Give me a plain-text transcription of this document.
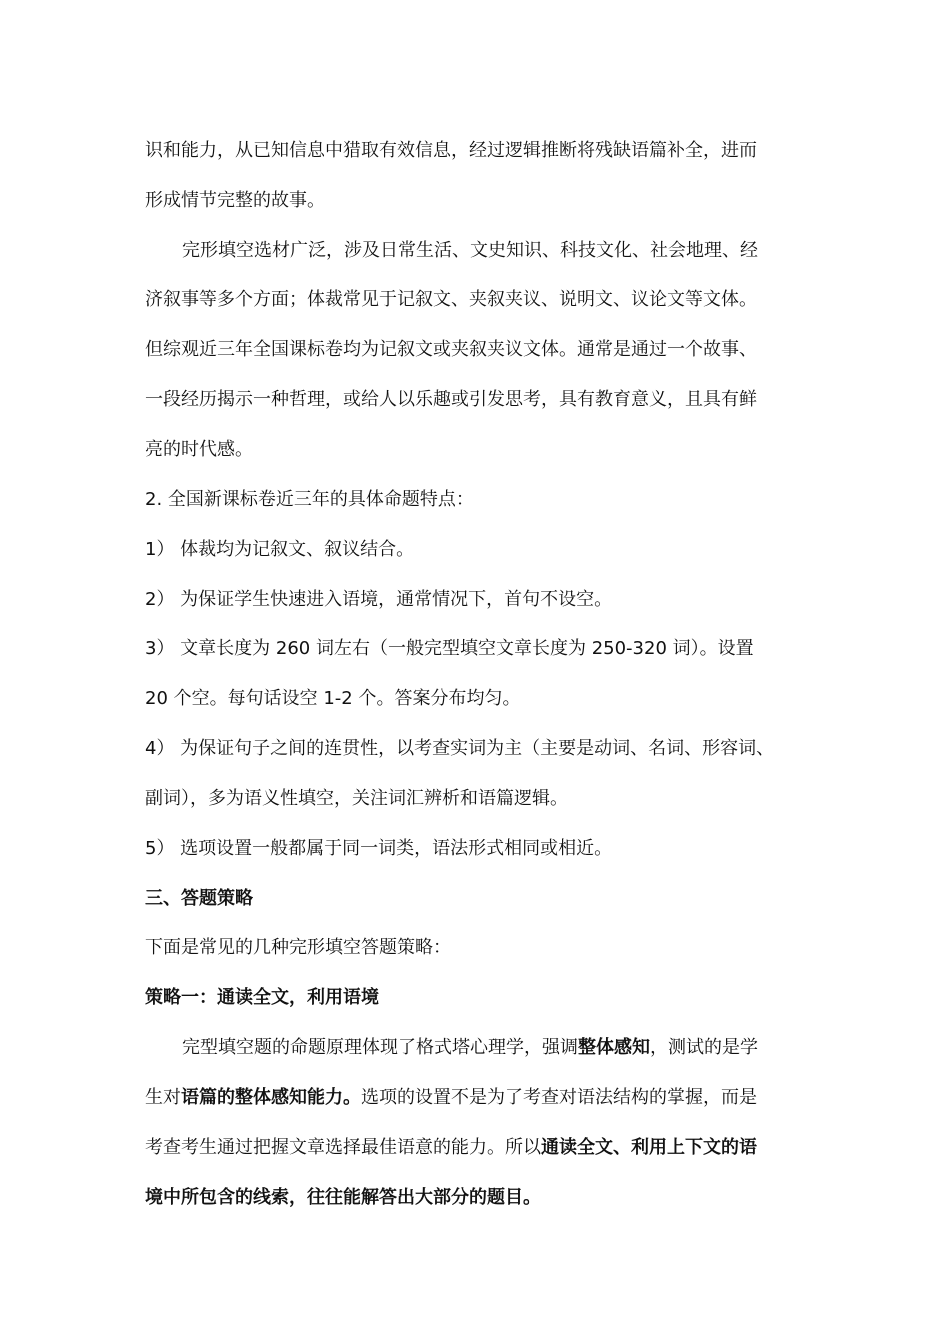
识和能力，从已知信息中猎取有效信息，经过逻辑推断将残缺语篇补全，进而
形成情节完整的故事。
完形填空选材广泛，涉及日常生活、文史知识、科技文化、社会地理、经
济叙事等多个方面；体裁常见于记叙文、夹叙夹议、说明文、议论文等文体。
但综观近三年全国课标卷均为记叙文或夹叙夹议文体。通常是通过一个故事、
一段经历揭示一种哲理，或给人以乐趣或引发思考，具有教育意义，且具有鲜
亮的时代感。
2. 全国新课标卷近三年的具体命题特点：
1） 体裁均为记叙文、叙议结合。
2） 为保证学生快速进入语境，通常情况下，首句不设空。
3） 文章长度为 260 词左右（一般完型填空文章长度为 250-320 词）。设置
20 个空。每句话设空 1-2 个。答案分布均匀。
4） 为保证句子之间的连贯性，以考查实词为主（主要是动词、名词、形容词、
副词），多为语义性填空，关注词汇辨析和语篇逻辑。
5） 选项设置一般都属于同一词类，语法形式相同或相近。
三、答题策略
下面是常见的几种完形填空答题策略：
策略一：通读全文，利用语境
完型填空题的命题原理体现了格式塔心理学，强调整体感知，测试的是学
生对语篇的整体感知能力。选项的设置不是为了考查对语法结构的掌握，而是
考查考生通过把握文章选择最佳语意的能力。所以通读全文、利用上下文的语
境中所包含的线索，往往能解答出大部分的题目。
